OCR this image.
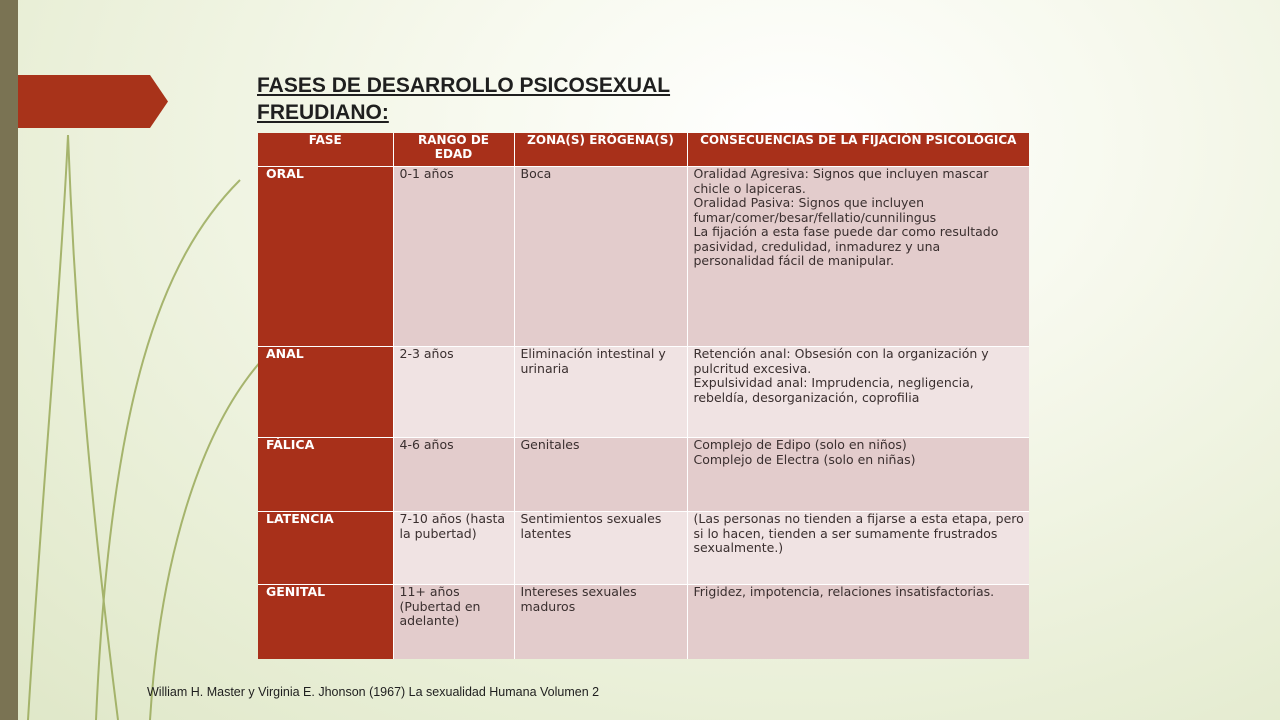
FASES DE DESARROLLO PSICOSEXUAL
FREUDIANO:
FASE	RANGO DE EDAD	ZONA(S) ERÓGENA(S)	CONSECUENCIAS DE LA FIJACIÓN PSICOLÓGICA
ORAL	0-1 años	Boca	Oralidad Agresiva: Signos que incluyen mascar chicle o lapiceras.
Oralidad Pasiva: Signos que incluyen fumar/comer/besar/fellatio/cunnilingus
La fijación a esta fase puede dar como resultado pasividad, credulidad, inmadurez y una personalidad fácil de manipular.

ANAL	2-3 años	Eliminación intestinal y urinaria	Retención anal: Obsesión con la organización y pulcritud excesiva.
Expulsividad anal: Imprudencia, negligencia, rebeldía, desorganización, coprofilia

FÁLICA	4-6 años	Genitales	Complejo de Edipo (solo en niños)
Complejo de Electra (solo en niñas)

LATENCIA	7-10 años (hasta la pubertad)	Sentimientos sexuales latentes	(Las personas no tienden a fijarse a esta etapa, pero si lo hacen, tienden a ser sumamente frustrados sexualmente.)

GENITAL	11+ años (Pubertad en adelante)	Intereses sexuales maduros	Frigidez, impotencia, relaciones insatisfactorias.
William H. Master y Virginia E. Jhonson (1967) La sexualidad Humana Volumen 2
